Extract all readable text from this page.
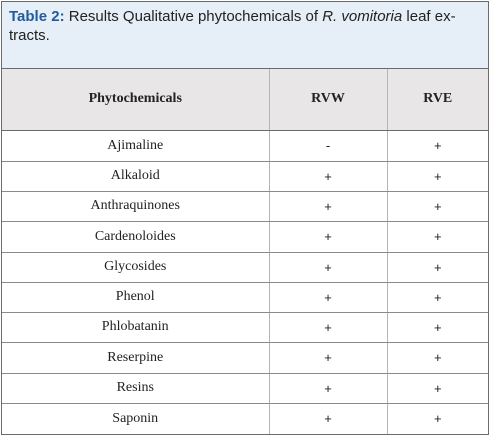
Table 2: Results Qualitative phytochemicals of R. vomitoria leaf ex-tracts.
Phytochemicals	RVW	RVE
Ajimaline	-	+
Alkaloid	+	+
Anthraquinones	+	+
Cardenoloides	+	+
Glycosides	+	+
Phenol	+	+
Phlobatanin	+	+
Reserpine	+	+
Resins	+	+
Saponin	+	+
